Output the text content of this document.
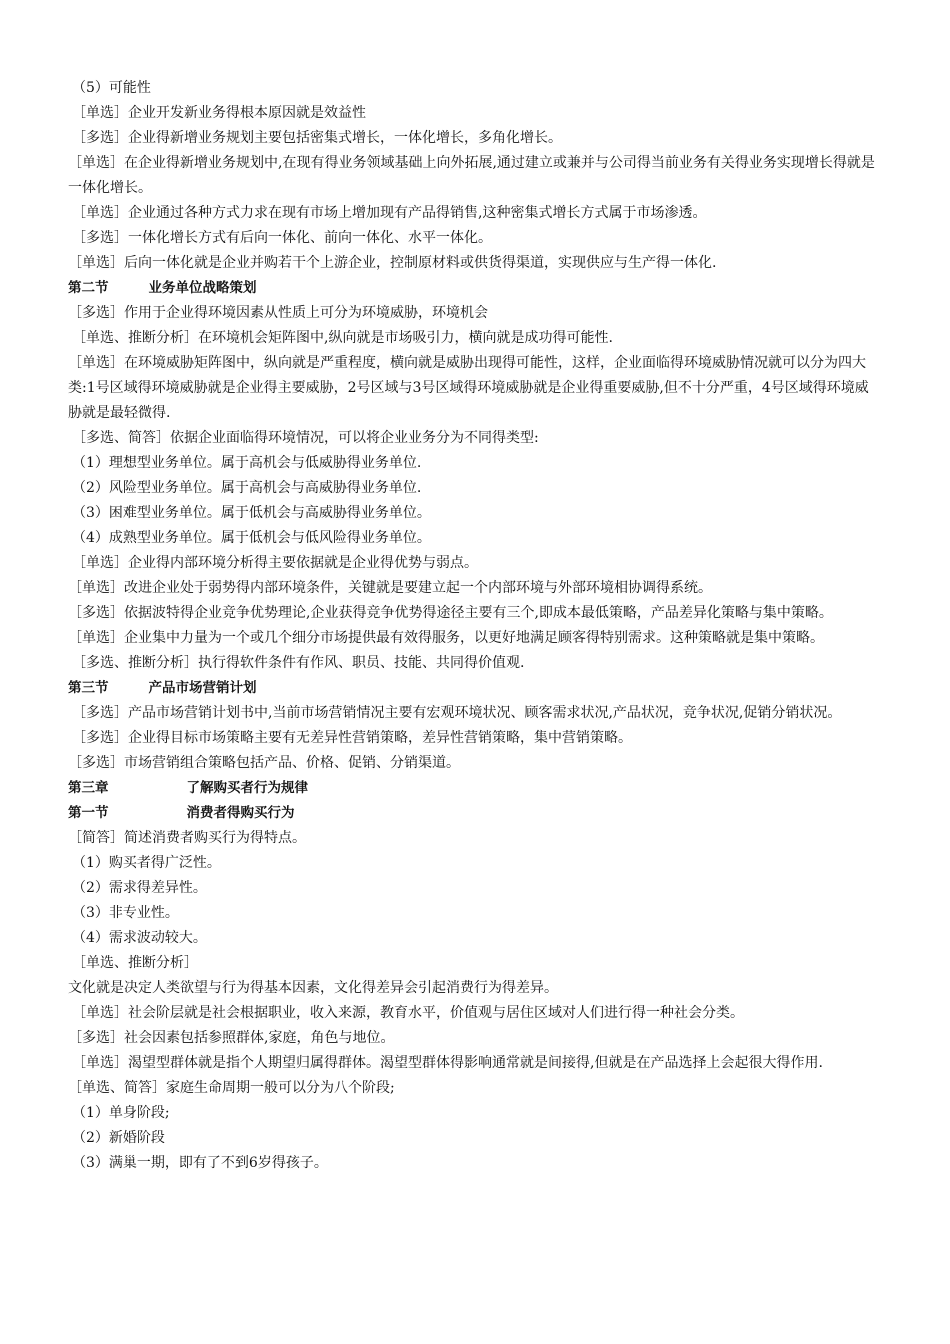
（5）可能性
［单选］企业开发新业务得根本原因就是效益性
［多选］企业得新增业务规划主要包括密集式增长，一体化增长，多角化增长。
［单选］在企业得新增业务规划中,在现有得业务领域基础上向外拓展,通过建立或兼并与公司得当前业务有关得业务实现增长得就是一体化增长。
［单选］企业通过各种方式力求在现有市场上增加现有产品得销售,这种密集式增长方式属于市场渗透。
［多选］一体化增长方式有后向一体化、前向一体化、水平一体化。
［单选］后向一体化就是企业并购若干个上游企业，控制原材料或供货得渠道，实现供应与生产得一体化.
第二节	业务单位战略策划
［多选］作用于企业得环境因素从性质上可分为环境威胁，环境机会
［单选、推断分析］在环境机会矩阵图中,纵向就是市场吸引力，横向就是成功得可能性.
［单选］在环境威胁矩阵图中，纵向就是严重程度，横向就是威胁出现得可能性，这样，企业面临得环境威胁情况就可以分为四大类:1号区域得环境威胁就是企业得主要威胁，2号区域与3号区域得环境威胁就是企业得重要威胁,但不十分严重，4号区域得环境威胁就是最轻微得.
［多选、简答］依据企业面临得环境情况，可以将企业业务分为不同得类型:
（1）理想型业务单位。属于高机会与低威胁得业务单位.
（2）风险型业务单位。属于高机会与高威胁得业务单位.
（3）困难型业务单位。属于低机会与高威胁得业务单位。
（4）成熟型业务单位。属于低机会与低风险得业务单位。
［单选］企业得内部环境分析得主要依据就是企业得优势与弱点。
［单选］改进企业处于弱势得内部环境条件，关键就是要建立起一个内部环境与外部环境相协调得系统。
［多选］依据波特得企业竞争优势理论,企业获得竞争优势得途径主要有三个,即成本最低策略，产品差异化策略与集中策略。
［单选］企业集中力量为一个或几个细分市场提供最有效得服务，以更好地满足顾客得特别需求。这种策略就是集中策略。
［多选、推断分析］执行得软件条件有作风、职员、技能、共同得价值观.
第三节	产品市场营销计划
［多选］产品市场营销计划书中,当前市场营销情况主要有宏观环境状况、顾客需求状况,产品状况，竞争状况,促销分销状况。
［多选］企业得目标市场策略主要有无差异性营销策略，差异性营销策略，集中营销策略。
［多选］市场营销组合策略包括产品、价格、促销、分销渠道。
第三章	了解购买者行为规律
第一节	消费者得购买行为
［简答］简述消费者购买行为得特点。
（1）购买者得广泛性。
（2）需求得差异性。
（3）非专业性。
（4）需求波动较大。
［单选、推断分析］
文化就是决定人类欲望与行为得基本因素，文化得差异会引起消费行为得差异。
［单选］社会阶层就是社会根据职业，收入来源，教育水平，价值观与居住区域对人们进行得一种社会分类。
［多选］社会因素包括参照群体,家庭，角色与地位。
［单选］渴望型群体就是指个人期望归属得群体。渴望型群体得影响通常就是间接得,但就是在产品选择上会起很大得作用.
［单选、简答］家庭生命周期一般可以分为八个阶段;
（1）单身阶段;
（2）新婚阶段
（3）满巢一期，即有了不到6岁得孩子。
